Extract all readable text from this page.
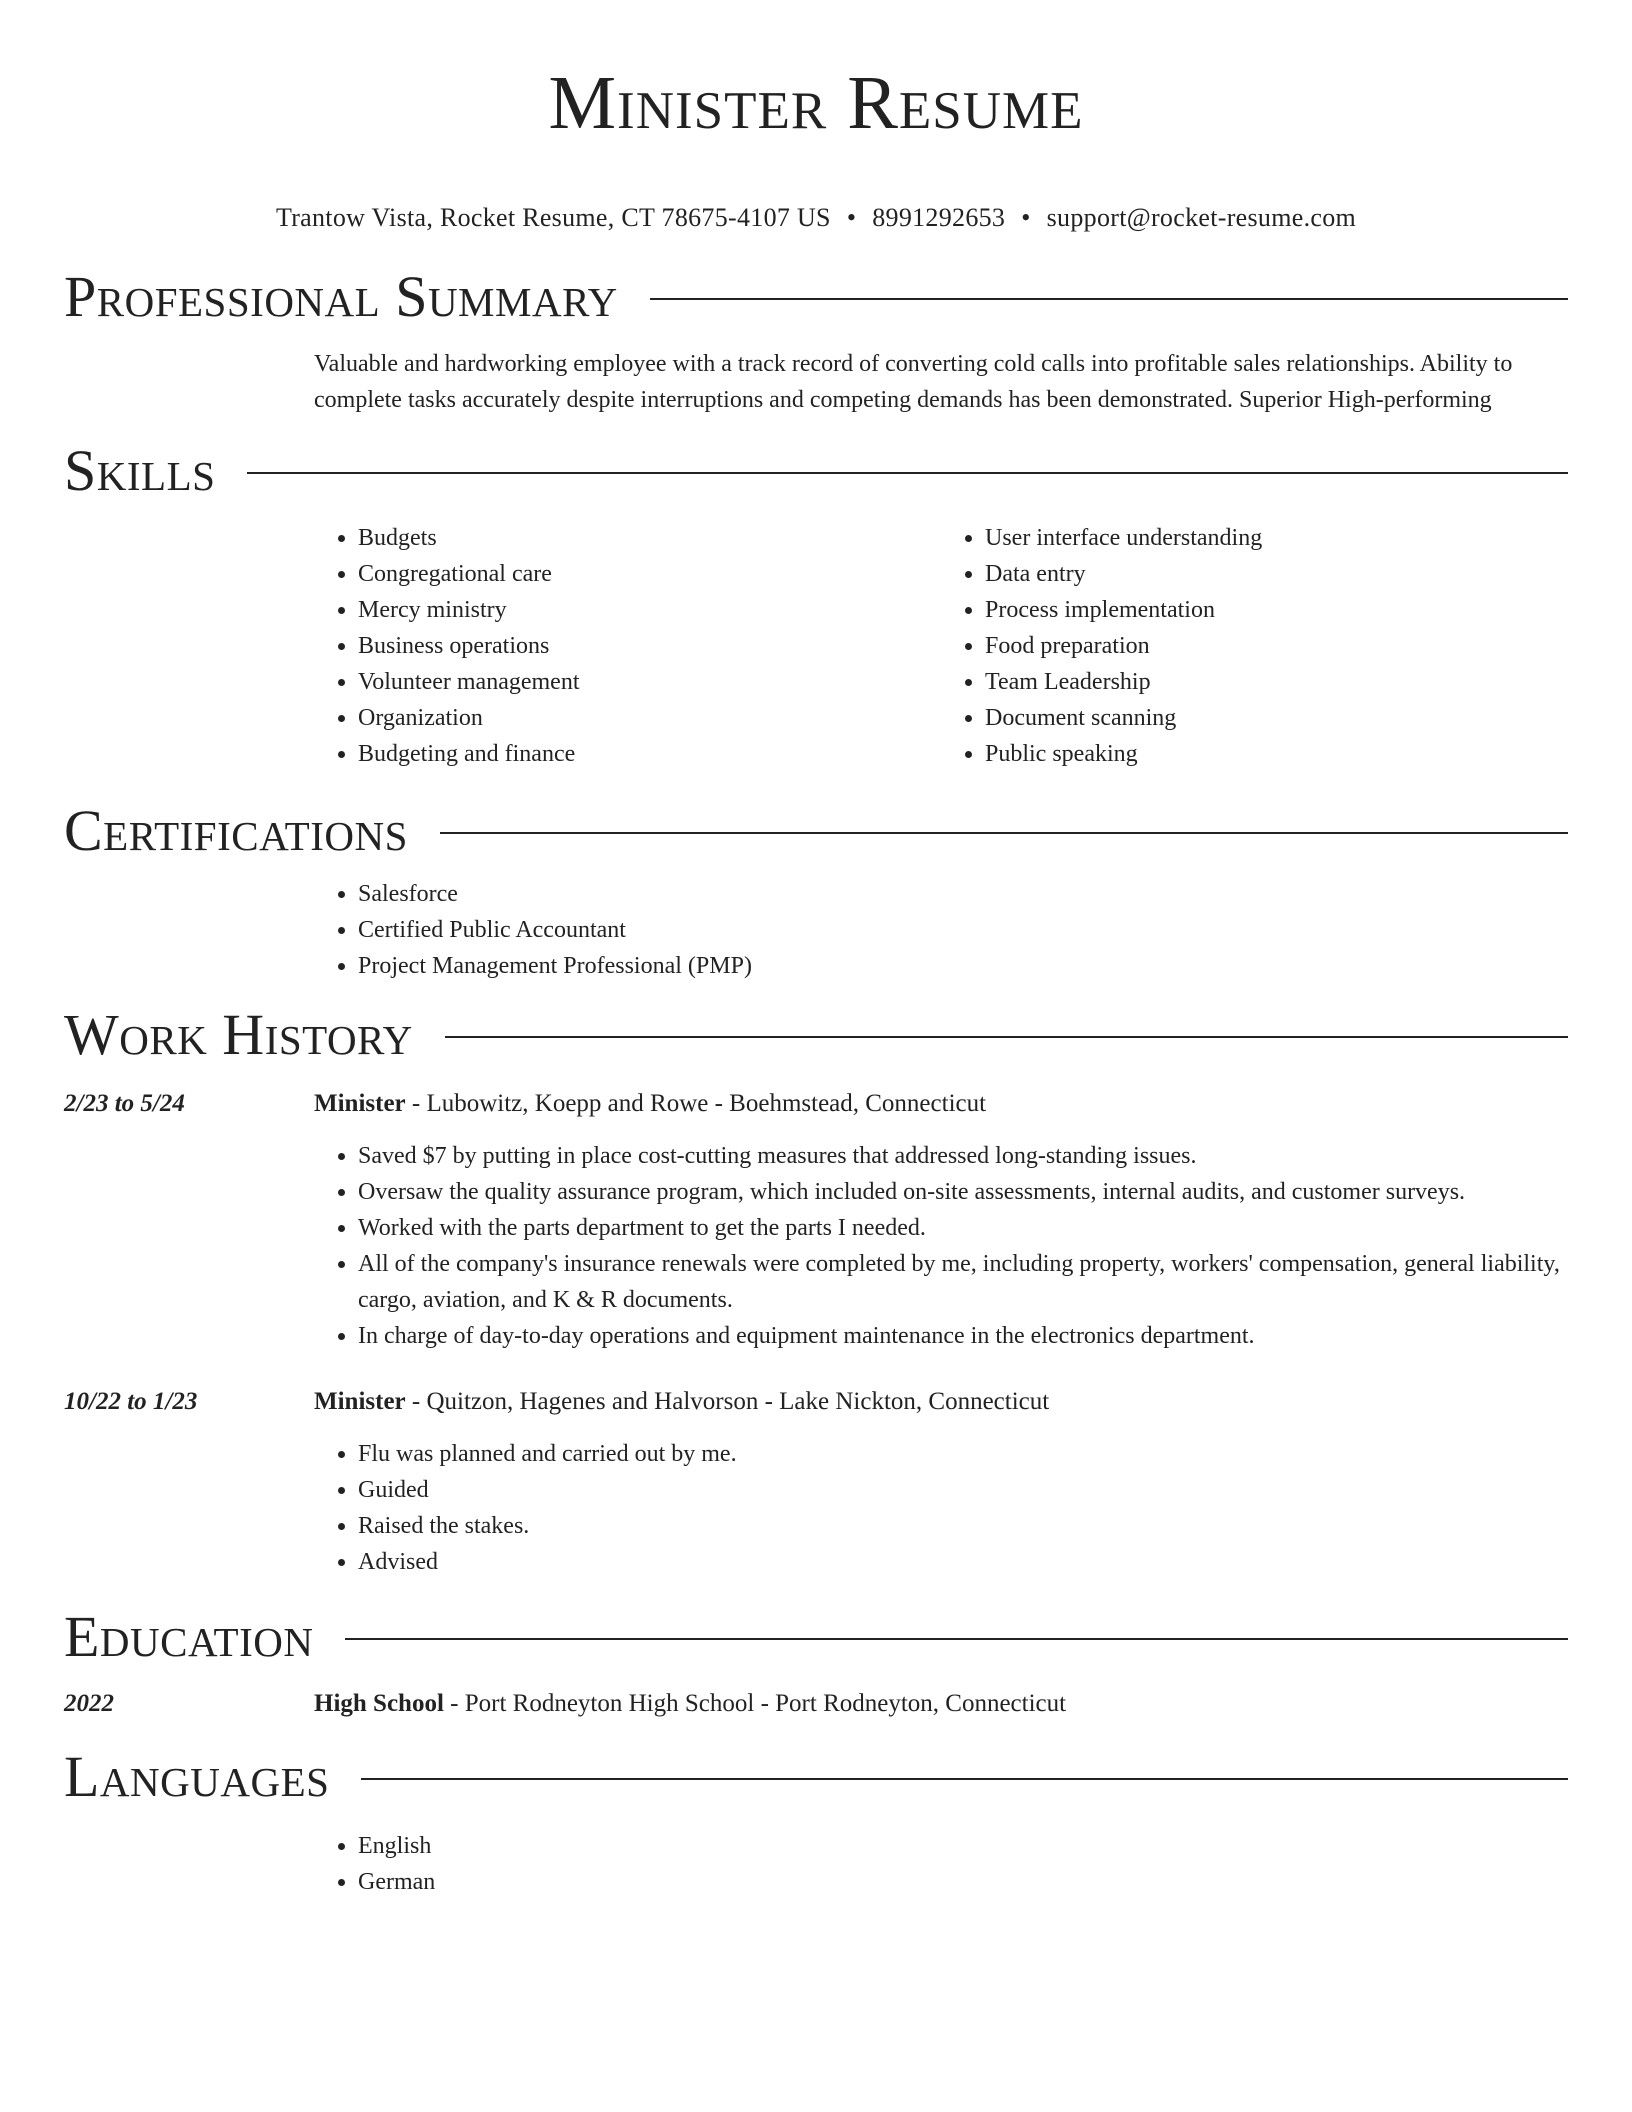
Minister Resume
Trantow Vista, Rocket Resume, CT 78675-4107 US • 8991292653 • support@rocket-resume.com
Professional Summary
Valuable and hardworking employee with a track record of converting cold calls into profitable sales relationships. Ability to complete tasks accurately despite interruptions and competing demands has been demonstrated. Superior High-performing
Skills
• Budgets
• Congregational care
• Mercy ministry
• Business operations
• Volunteer management
• Organization
• Budgeting and finance
• User interface understanding
• Data entry
• Process implementation
• Food preparation
• Team Leadership
• Document scanning
• Public speaking
Certifications
• Salesforce
• Certified Public Accountant
• Project Management Professional (PMP)
Work History
2/23 to 5/24	Minister - Lubowitz, Koepp and Rowe - Boehmstead, Connecticut
• Saved $7 by putting in place cost-cutting measures that addressed long-standing issues.
• Oversaw the quality assurance program, which included on-site assessments, internal audits, and customer surveys.
• Worked with the parts department to get the parts I needed.
• All of the company's insurance renewals were completed by me, including property, workers' compensation, general liability, cargo, aviation, and K & R documents.
• In charge of day-to-day operations and equipment maintenance in the electronics department.
10/22 to 1/23	Minister - Quitzon, Hagenes and Halvorson - Lake Nickton, Connecticut
• Flu was planned and carried out by me.
• Guided
• Raised the stakes.
• Advised
Education
2022	High School - Port Rodneyton High School - Port Rodneyton, Connecticut
Languages
• English
• German
